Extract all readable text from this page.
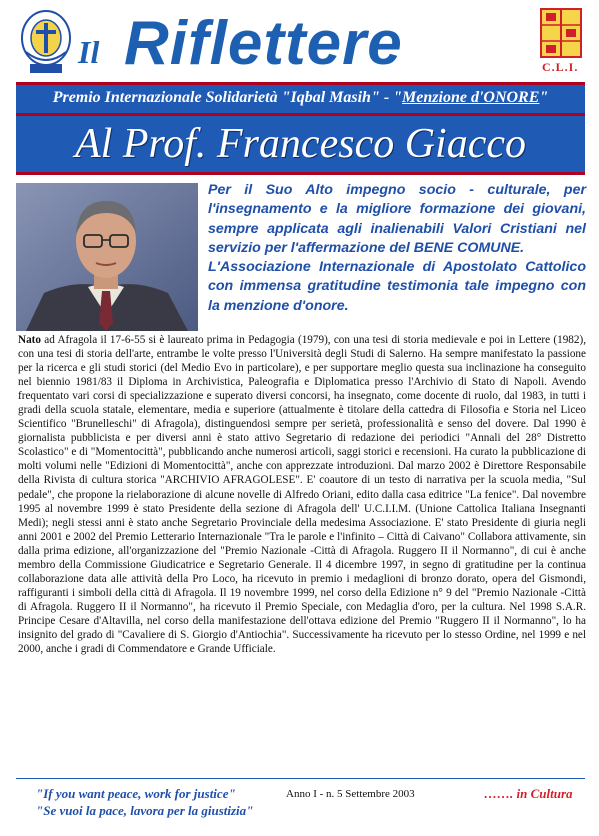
Il Riflettere	C.L.I.
Premio Internazionale Solidarietà "Iqbal Masih" - "Menzione d'ONORE"
Al Prof. Francesco Giacco

Per il Suo Alto impegno socio - culturale, per l'insegnamento e la migliore formazione dei giovani, sempre applicata agli inalienabili Valori Cristiani nel servizio per l'affermazione del BENE COMUNE.

L'Associazione Internazionale di Apostolato Cattolico con immensa gratitudine testimonia tale impegno con la menzione d'onore.

Nato ad Afragola il 17-6-55 si è laureato prima in Pedagogia (1979), con una tesi di storia medievale e poi in Lettere (1982), con una tesi di storia dell'arte, entrambe le volte presso l'Università degli Studi di Salerno. Ha sempre manifestato la passione per la ricerca e gli studi storici (del Medio Evo in particolare), e per supportare meglio questa sua inclinazione ha conseguito nel biennio 1981/83 il Diploma in Archivistica, Paleografia e Diplomatica presso l'Archivio di Stato di Napoli. Avendo frequentato vari corsi di specializzazione e superato diversi concorsi, ha insegnato, come docente di ruolo, dal 1983, in tutti i gradi della scuola statale, elementare, media e superiore (attualmente è titolare della cattedra di Filosofia e Storia nel Liceo Scientifico "Brunelleschi" di Afragola), distinguendosi sempre per serietà, professionalità e senso del dovere. Dal 1990 è giornalista pubblicista e per diversi anni è stato attivo Segretario di redazione dei periodici "Annali del 28° Distretto Scolastico" e di "Momentocittà", pubblicando anche numerosi articoli, saggi storici e recensioni. Ha curato la pubblicazione di molti volumi nelle "Edizioni di Momentocittà", anche con apprezzate introduzioni. Dal marzo 2002 è Direttore Responsabile della Rivista di cultura storica "ARCHIVIO AFRAGOLESE". E' coautore di un testo di narrativa per la scuola media, "Sul pedale", che propone la rielaborazione di alcune novelle di Alfredo Oriani, edito dalla casa editrice "La fenice". Dal novembre 1995 al novembre 1999 è stato Presidente della sezione di Afragola dell' U.C.I.I.M. (Unione Cattolica Italiana Insegnanti Medi); negli stessi anni è stato anche Segretario Provinciale della medesima Associazione. E' stato Presidente di giuria negli anni 2001 e 2002 del Premio Letterario Internazionale "Tra le parole e l'infinito – Città di Caivano" Collabora attivamente, sin dalla prima edizione, all'organizzazione del "Premio Nazionale -Città di Afragola. Ruggero II il Normanno", di cui è anche membro della Commissione Giudicatrice e Segretario Generale. Il 4 dicembre 1997, in segno di gratitudine per la continua collaborazione data alle attività della Pro Loco, ha ricevuto in premio i medaglioni di bronzo dorato, opera del Gismondi, raffiguranti i simboli della città di Afragola. Il 19 novembre 1999, nel corso della Edizione n° 9 del "Premio Nazionale -Città di Afragola. Ruggero II il Normanno", ha ricevuto il Premio Speciale, con Medaglia d'oro, per la cultura. Nel 1998 S.A.R. Principe Cesare d'Altavilla, nel corso della manifestazione dell'ottava edizione del Premio "Ruggero II il Normanno", lo ha insignito del grado di "Cavaliere di S. Giorgio d'Antiochia". Successivamente ha ricevuto per lo stesso Ordine, nel 1999 e nel 2000, anche i gradi di Commendatore e Grande Ufficiale.

"If you want peace, work for justice"
"Se vuoi la pace, lavora per la giustizia"
Anno I - n. 5 Settembre 2003	……. in Cultura
